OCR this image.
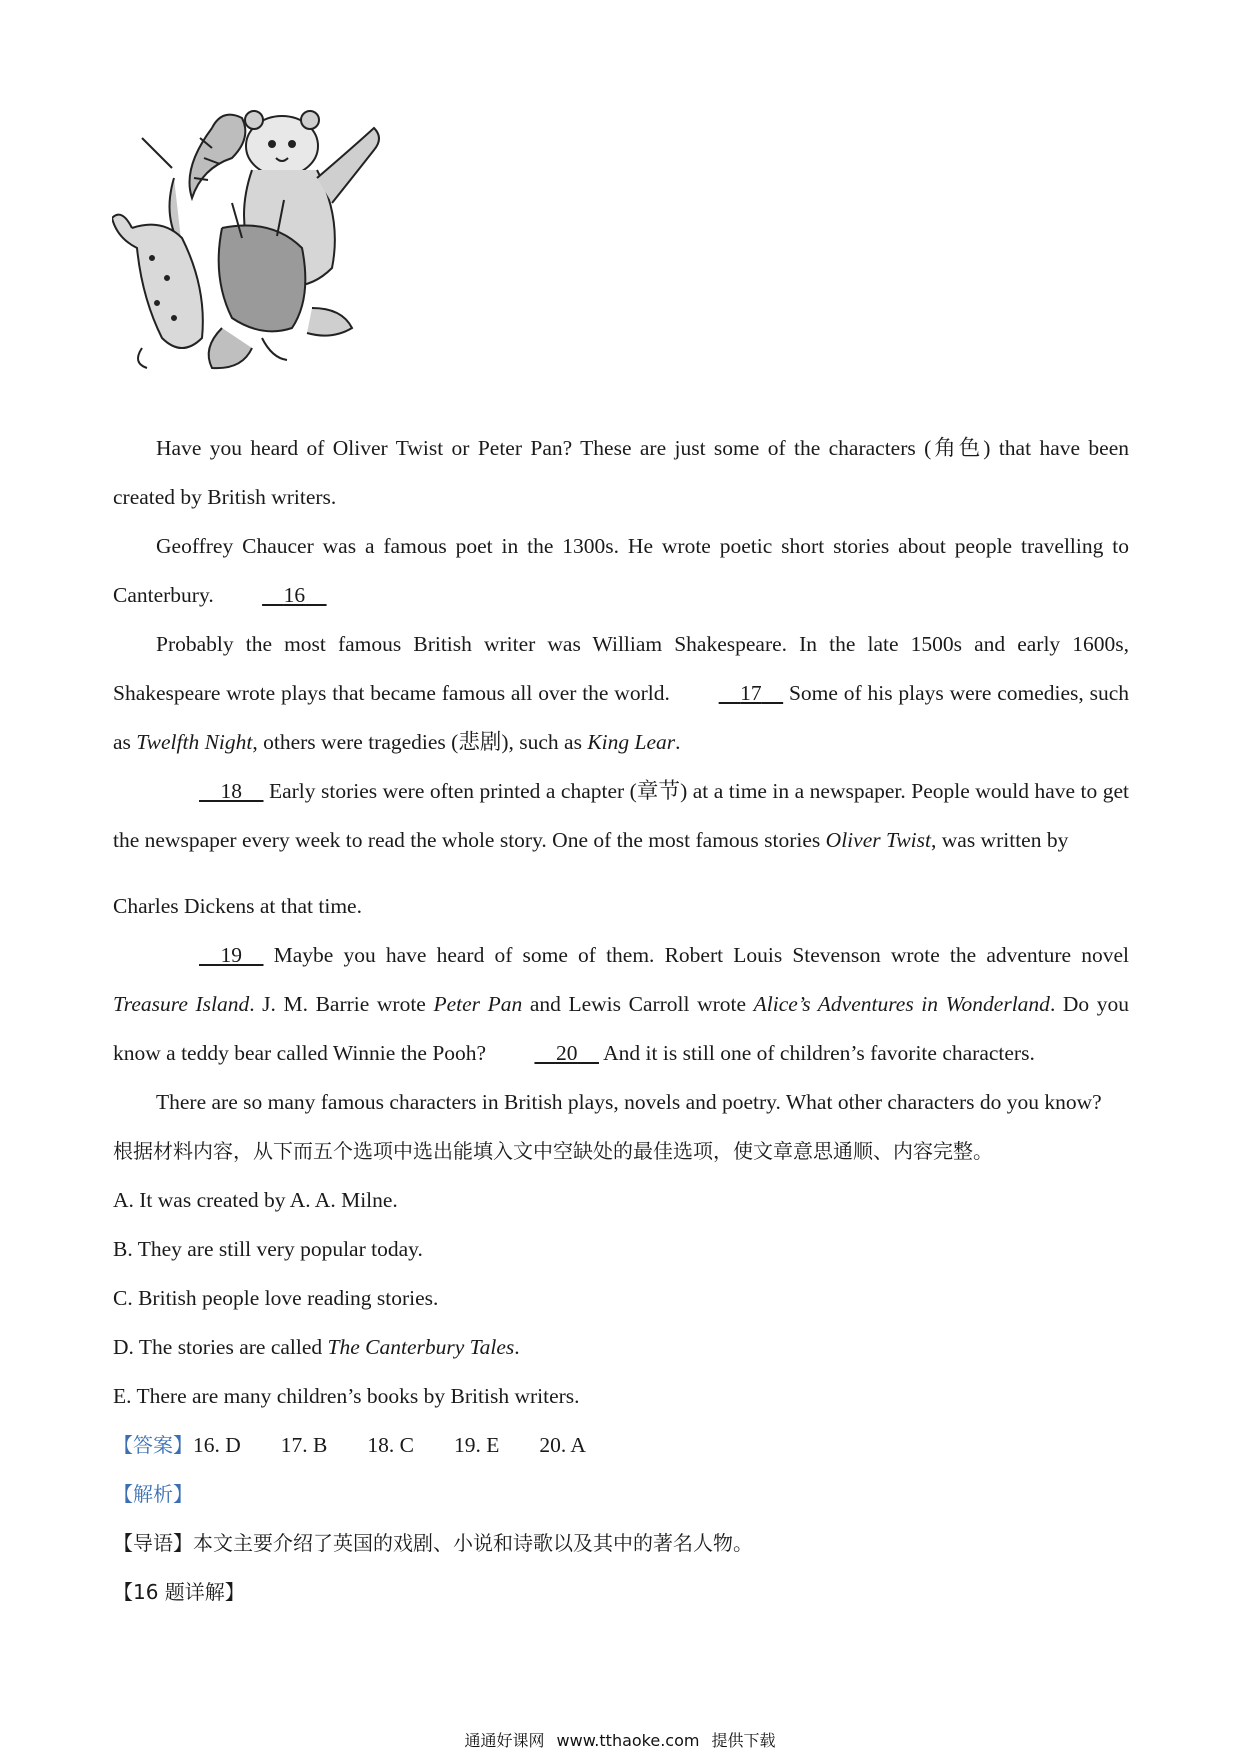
Have you heard of Oliver Twist or Peter Pan? These are just some of the characters (角色) that have been created by British writers.

Geoffrey Chaucer was a famous poet in the 1300s. He wrote poetic short stories about people travelling to Canterbury.	16

Probably the most famous British writer was William Shakespeare. In the late 1500s and early 1600s, Shakespeare wrote plays that became famous all over the world.	17     Some of his plays were comedies, such as Twelfth Night, others were tragedies (悲剧), such as King Lear.

18     Early stories were often printed a chapter (章节) at a time in a newspaper. People would have to get the newspaper every week to read the whole story. One of the most famous stories Oliver Twist, was written by

Charles Dickens at that time.

19     Maybe you have heard of some of them. Robert Louis Stevenson wrote the adventure novel Treasure Island. J. M. Barrie wrote Peter Pan and Lewis Carroll wrote Alice’s Adventures in Wonderland. Do you know a teddy bear called Winnie the Pooh?	20     And it is still one of children’s favorite characters.

There are so many famous characters in British plays, novels and poetry. What other characters do you know?

根据材料内容，从下而五个选项中选出能填入文中空缺处的最佳选项，使文章意思通顺、内容完整。

A. It was created by A. A. Milne.

B. They are still very popular today.

C. British people love reading stories.

D. The stories are called The Canterbury Tales.

E. There are many children’s books by British writers.

【答案】16. D 17. B 18. C 19. E 20. A

【解析】

【导语】本文主要介绍了英国的戏剧、小说和诗歌以及其中的著名人物。

【16 题详解】

通通好课网 www.tthaoke.com 提供下载
